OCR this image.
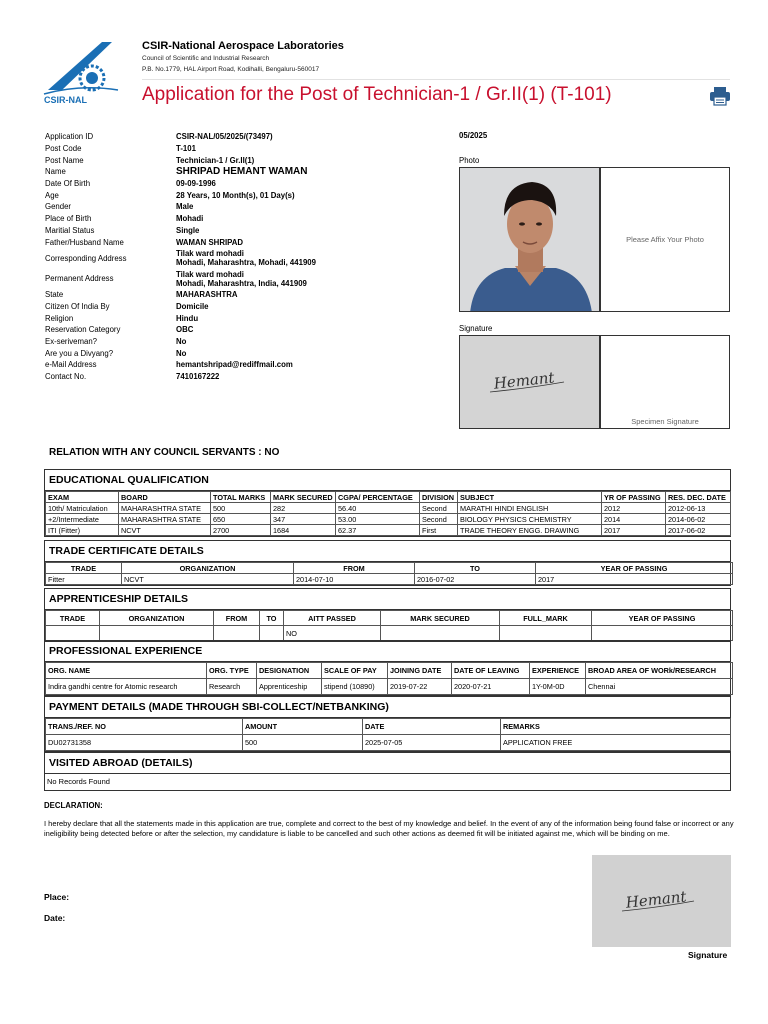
CSIR-NAL
CSIR-National Aerospace Laboratories
Council of Scientific and Industrial Research
P.B. No.1779, HAL Airport Road, Kodihalli, Bengaluru-560017
Application for the Post of Technician-1 / Gr.II(1) (T-101)
Application ID	CSIR-NAL/05/2025/(73497)
Post Code	T-101
Post Name	Technician-1 / Gr.II(1)
Name	SHRIPAD HEMANT WAMAN
Date Of Birth	09-09-1996
Age	28 Years, 10 Month(s), 01 Day(s)
Gender	Male
Place of Birth	Mohadi
Maritial Status	Single
Father/Husband Name	WAMAN SHRIPAD
Corresponding Address	Tilak ward mohadi
Mohadi, Maharashtra, Mohadi, 441909
Permanent Address	Tilak ward mohadi
Mohadi, Maharashtra, India, 441909
State	MAHARASHTRA
Citizen Of India By	Domicile
Religion	Hindu
Reservation Category	OBC
Ex-seriveman?	No
Are you a Divyang?	No
e-Mail Address	hemantshripad@rediffmail.com
Contact No.	7410167222
05/2025
Photo
Please Affix Your Photo
Signature
Hemant
Specimen Signature
RELATION WITH ANY COUNCIL SERVANTS : NO
EDUCATIONAL QUALIFICATION
EXAM	BOARD	TOTAL MARKS	MARK SECURED	CGPA/ PERCENTAGE	DIVISION	SUBJECT	YR OF PASSING	RES. DEC. DATE
10th/ Matriculation	MAHARASHTRA STATE	500	282	56.40	Second	MARATHI HINDI ENGLISH	2012	2012-06-13
+2/Intermediate	MAHARASHTRA STATE	650	347	53.00	Second	BIOLOGY PHYSICS CHEMISTRY	2014	2014-06-02
ITI (Fitter)	NCVT	2700	1684	62.37	First	TRADE THEORY ENGG. DRAWING	2017	2017-06-02
TRADE CERTIFICATE DETAILS
TRADE	ORGANIZATION	FROM	TO	YEAR OF PASSING
Fitter	NCVT	2014-07-10	2016-07-02	2017
APPRENTICESHIP DETAILS
TRADE	ORGANIZATION	FROM	TO	AITT PASSED	MARK SECURED	FULL_MARK	YEAR OF PASSING
				NO			
PROFESSIONAL EXPERIENCE
ORG. NAME	ORG. TYPE	DESIGNATION	SCALE OF PAY	JOINING DATE	DATE OF LEAVING	EXPERIENCE	BROAD AREA OF WORk/RESEARCH
Indira gandhi centre for Atomic research	Research	Apprenticeship	stipend (10890)	2019-07-22	2020-07-21	1Y-0M-0D	Chennai
PAYMENT DETAILS (MADE THROUGH SBI-COLLECT/NETBANKING)
TRANS./REF. NO	AMOUNT	DATE	REMARKS
DU02731358	500	2025-07-05	APPLICATION FREE
VISITED ABROAD (DETAILS)
No Records Found
DECLARATION:
I hereby declare that all the statements made in this application are true, complete and correct to the best of my knowledge and belief. In the event of any of the information being found false or incorrect or any ineligibility being detected before or after the selection, my candidature is liable to be cancelled and such other actions as deemed fit will be initiated against me, which will be binding on me.
Place:
Date:
Hemant
Signature
